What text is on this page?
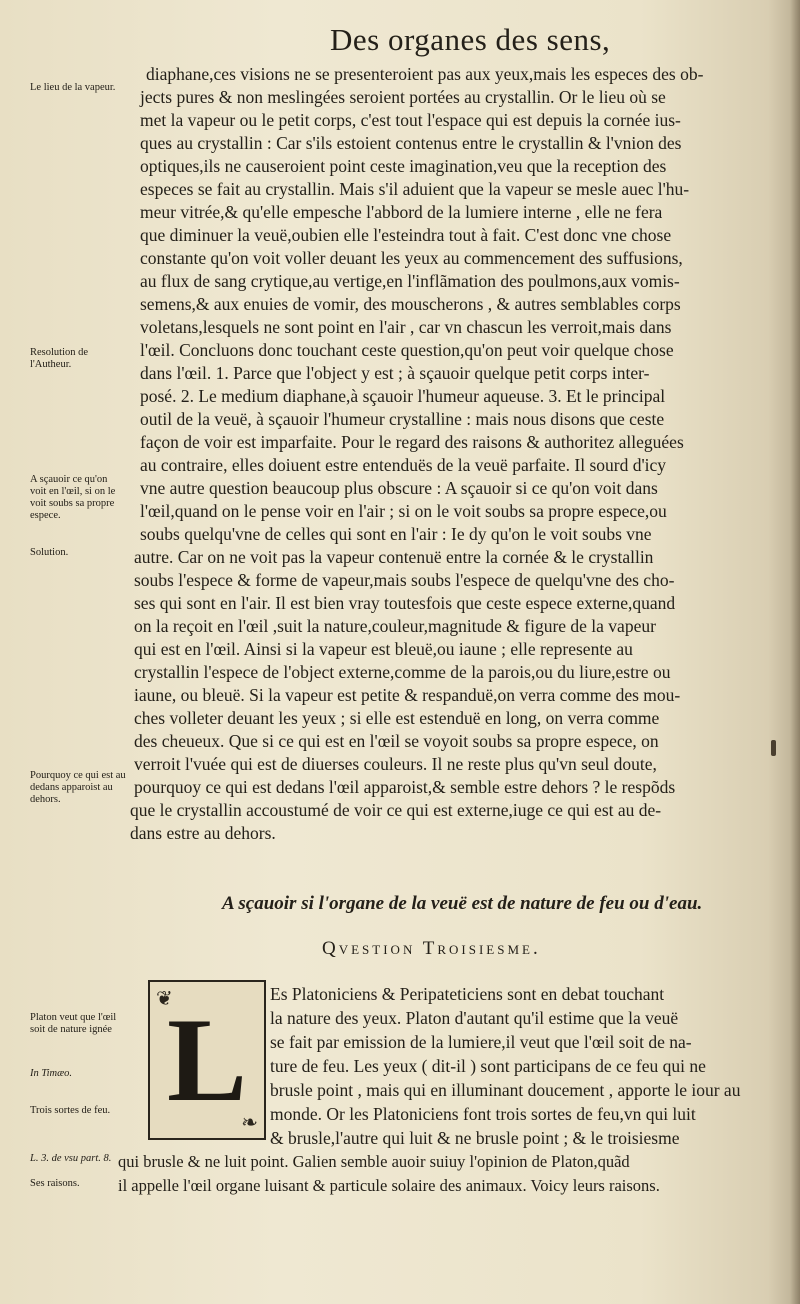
Des organes des sens,
Le lieu de la vapeur.
Resolution de l'Autheur.
A sçauoir ce qu'on voit en l'œil, si on le voit soubs sa propre espece.
Solution.
Pourquoy ce qui est au dedans apparoist au dehors.
Platon veut que l'œil soit de nature ignée
In Timæo.
Trois sortes de feu.
L. 3. de vsu part. 8.
Ses raisons.
diaphane,ces visions ne se presenteroient pas aux yeux,mais les especes des ob-
jects pures & non meslingées seroient portées au crystallin. Or le lieu où se
met la vapeur ou le petit corps, c'est tout l'espace qui est depuis la cornée ius-
ques au crystallin : Car s'ils estoient contenus entre le crystallin & l'vnion des
optiques,ils ne causeroient point ceste imagination,veu que la reception des
especes se fait au crystallin. Mais s'il aduient que la vapeur se mesle auec l'hu-
meur vitrée,& qu'elle empesche l'abbord de la lumiere interne , elle ne fera
que diminuer la veuë,oubien elle l'esteindra tout à fait. C'est donc vne chose
constante qu'on voit voller deuant les yeux au commencement des suffusions,
au flux de sang crytique,au vertige,en l'inflãmation des poulmons,aux vomis-
semens,& aux enuies de vomir, des mouscherons , & autres semblables corps
voletans,lesquels ne sont point en l'air , car vn chascun les verroit,mais dans
l'œil. Concluons donc touchant ceste question,qu'on peut voir quelque chose
dans l'œil. 1. Parce que l'object y est ; à sçauoir quelque petit corps inter-
posé. 2. Le medium diaphane,à sçauoir l'humeur aqueuse. 3. Et le principal
outil de la veuë, à sçauoir l'humeur crystalline : mais nous disons que ceste
façon de voir est imparfaite. Pour le regard des raisons & authoritez alleguées
au contraire, elles doiuent estre entenduës de la veuë parfaite. Il sourd d'icy
vne autre question beaucoup plus obscure : A sçauoir si ce qu'on voit dans
l'œil,quand on le pense voir en l'air ; si on le voit soubs sa propre espece,ou
soubs quelqu'vne de celles qui sont en l'air : Ie dy qu'on le voit soubs vne
autre. Car on ne voit pas la vapeur contenuë entre la cornée & le crystallin
soubs l'espece & forme de vapeur,mais soubs l'espece de quelqu'vne des cho-
ses qui sont en l'air. Il est bien vray toutesfois que ceste espece externe,quand
on la reçoit en l'œil ,suit la nature,couleur,magnitude & figure de la vapeur
qui est en l'œil. Ainsi si la vapeur est bleuë,ou iaune ; elle represente au
crystallin l'espece de l'object externe,comme de la parois,ou du liure,estre ou
iaune, ou bleuë. Si la vapeur est petite & respanduë,on verra comme des mou-
ches volleter deuant les yeux ; si elle est estenduë en long, on verra comme
des cheueux. Que si ce qui est en l'œil se voyoit soubs sa propre espece, on
verroit l'vuée qui est de diuerses couleurs. Il ne reste plus qu'vn seul doute,
pourquoy ce qui est dedans l'œil apparoist,& semble estre dehors ? le respõds
que le crystallin accoustumé de voir ce qui est externe,iuge ce qui est au de-
dans estre au dehors.
A sçauoir si l'organe de la veuë est de nature de feu ou d'eau.
Qvestion Troisiesme.
❦
❧
L	Es Platoniciens & Peripateticiens sont en debat touchant
la nature des yeux. Platon d'autant qu'il estime que la veuë
se fait par emission de la lumiere,il veut que l'œil soit de na-
ture de feu. Les yeux ( dit-il ) sont participans de ce feu qui ne
brusle point , mais qui en illuminant doucement , apporte le iour au
monde. Or les Platoniciens font trois sortes de feu,vn qui luit
& brusle,l'autre qui luit & ne brusle point ; & le troisiesme
qui brusle & ne luit point. Galien semble auoir suiuy l'opinion de Platon,quãd
il appelle l'œil organe luisant & particule solaire des animaux. Voicy leurs raisons.
